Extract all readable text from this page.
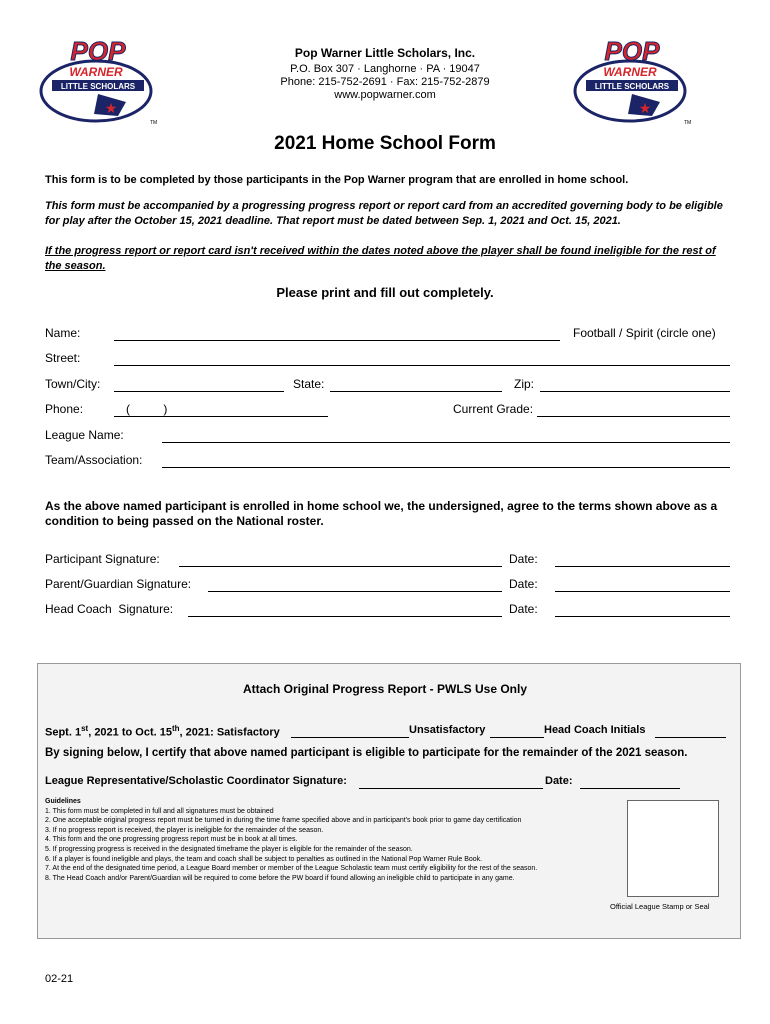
POP
WARNER
LITTLE SCHOLARS
★
TM
POP
WARNER
LITTLE SCHOLARS
★
TM
Pop Warner Little Scholars, Inc.
P.O. Box 307 · Langhorne · PA · 19047
Phone: 215-752-2691 · Fax: 215-752-2879
www.popwarner.com
2021 Home School Form
This form is to be completed by those participants in the Pop Warner program that are enrolled in home school.
This form must be accompanied by a progressing progress report or report card from an accredited governing body to be eligible for play after the October 15, 2021 deadline. That report must be dated between Sep. 1, 2021 and Oct. 15, 2021.
If the progress report or report card isn't received within the dates noted above the player shall be found ineligible for the rest of the season.
Please print and fill out completely.
Name:	Football / Spirit (circle one)
Street:
Town/City:	State:	Zip:
Phone:	(          )	Current Grade:
League Name:
Team/Association:
As the above named participant is enrolled in home school we, the undersigned, agree to the terms shown above as a condition to being passed on the National roster.
Participant Signature:	Date:
Parent/Guardian Signature:	Date:
Head Coach  Signature:	Date:
Attach Original Progress Report - PWLS Use Only
Sept. 1st, 2021 to Oct. 15th, 2021: Satisfactory	Unsatisfactory	Head Coach Initials
By signing below, I certify that above named participant is eligible to participate for the remainder of the 2021 season.
League Representative/Scholastic Coordinator Signature:	Date:
Guidelines
1. This form must be completed in full and all signatures must be obtained
2. One acceptable original progress report must be turned in during the time frame specified above and in participant's book prior to game day certification
3. If no progress report is received, the player is ineligible for the remainder of the season.
4. This form and the one progressing progress report must be in book at all times.
5. If progressing progress is received in the designated timeframe the player is eligible for the remainder of the season.
6. If a player is found ineligible and plays, the team and coach shall be subject to penalties as outlined in the National Pop Warner Rule Book.
7. At the end of the designated time period, a League Board member or member of the League Scholastic team must certify eligibility for the rest of the season.
8. The Head Coach and/or Parent/Guardian will be required to come before the PW board if found allowing an ineligible child to participate in any game.
Official League Stamp or Seal
02-21
